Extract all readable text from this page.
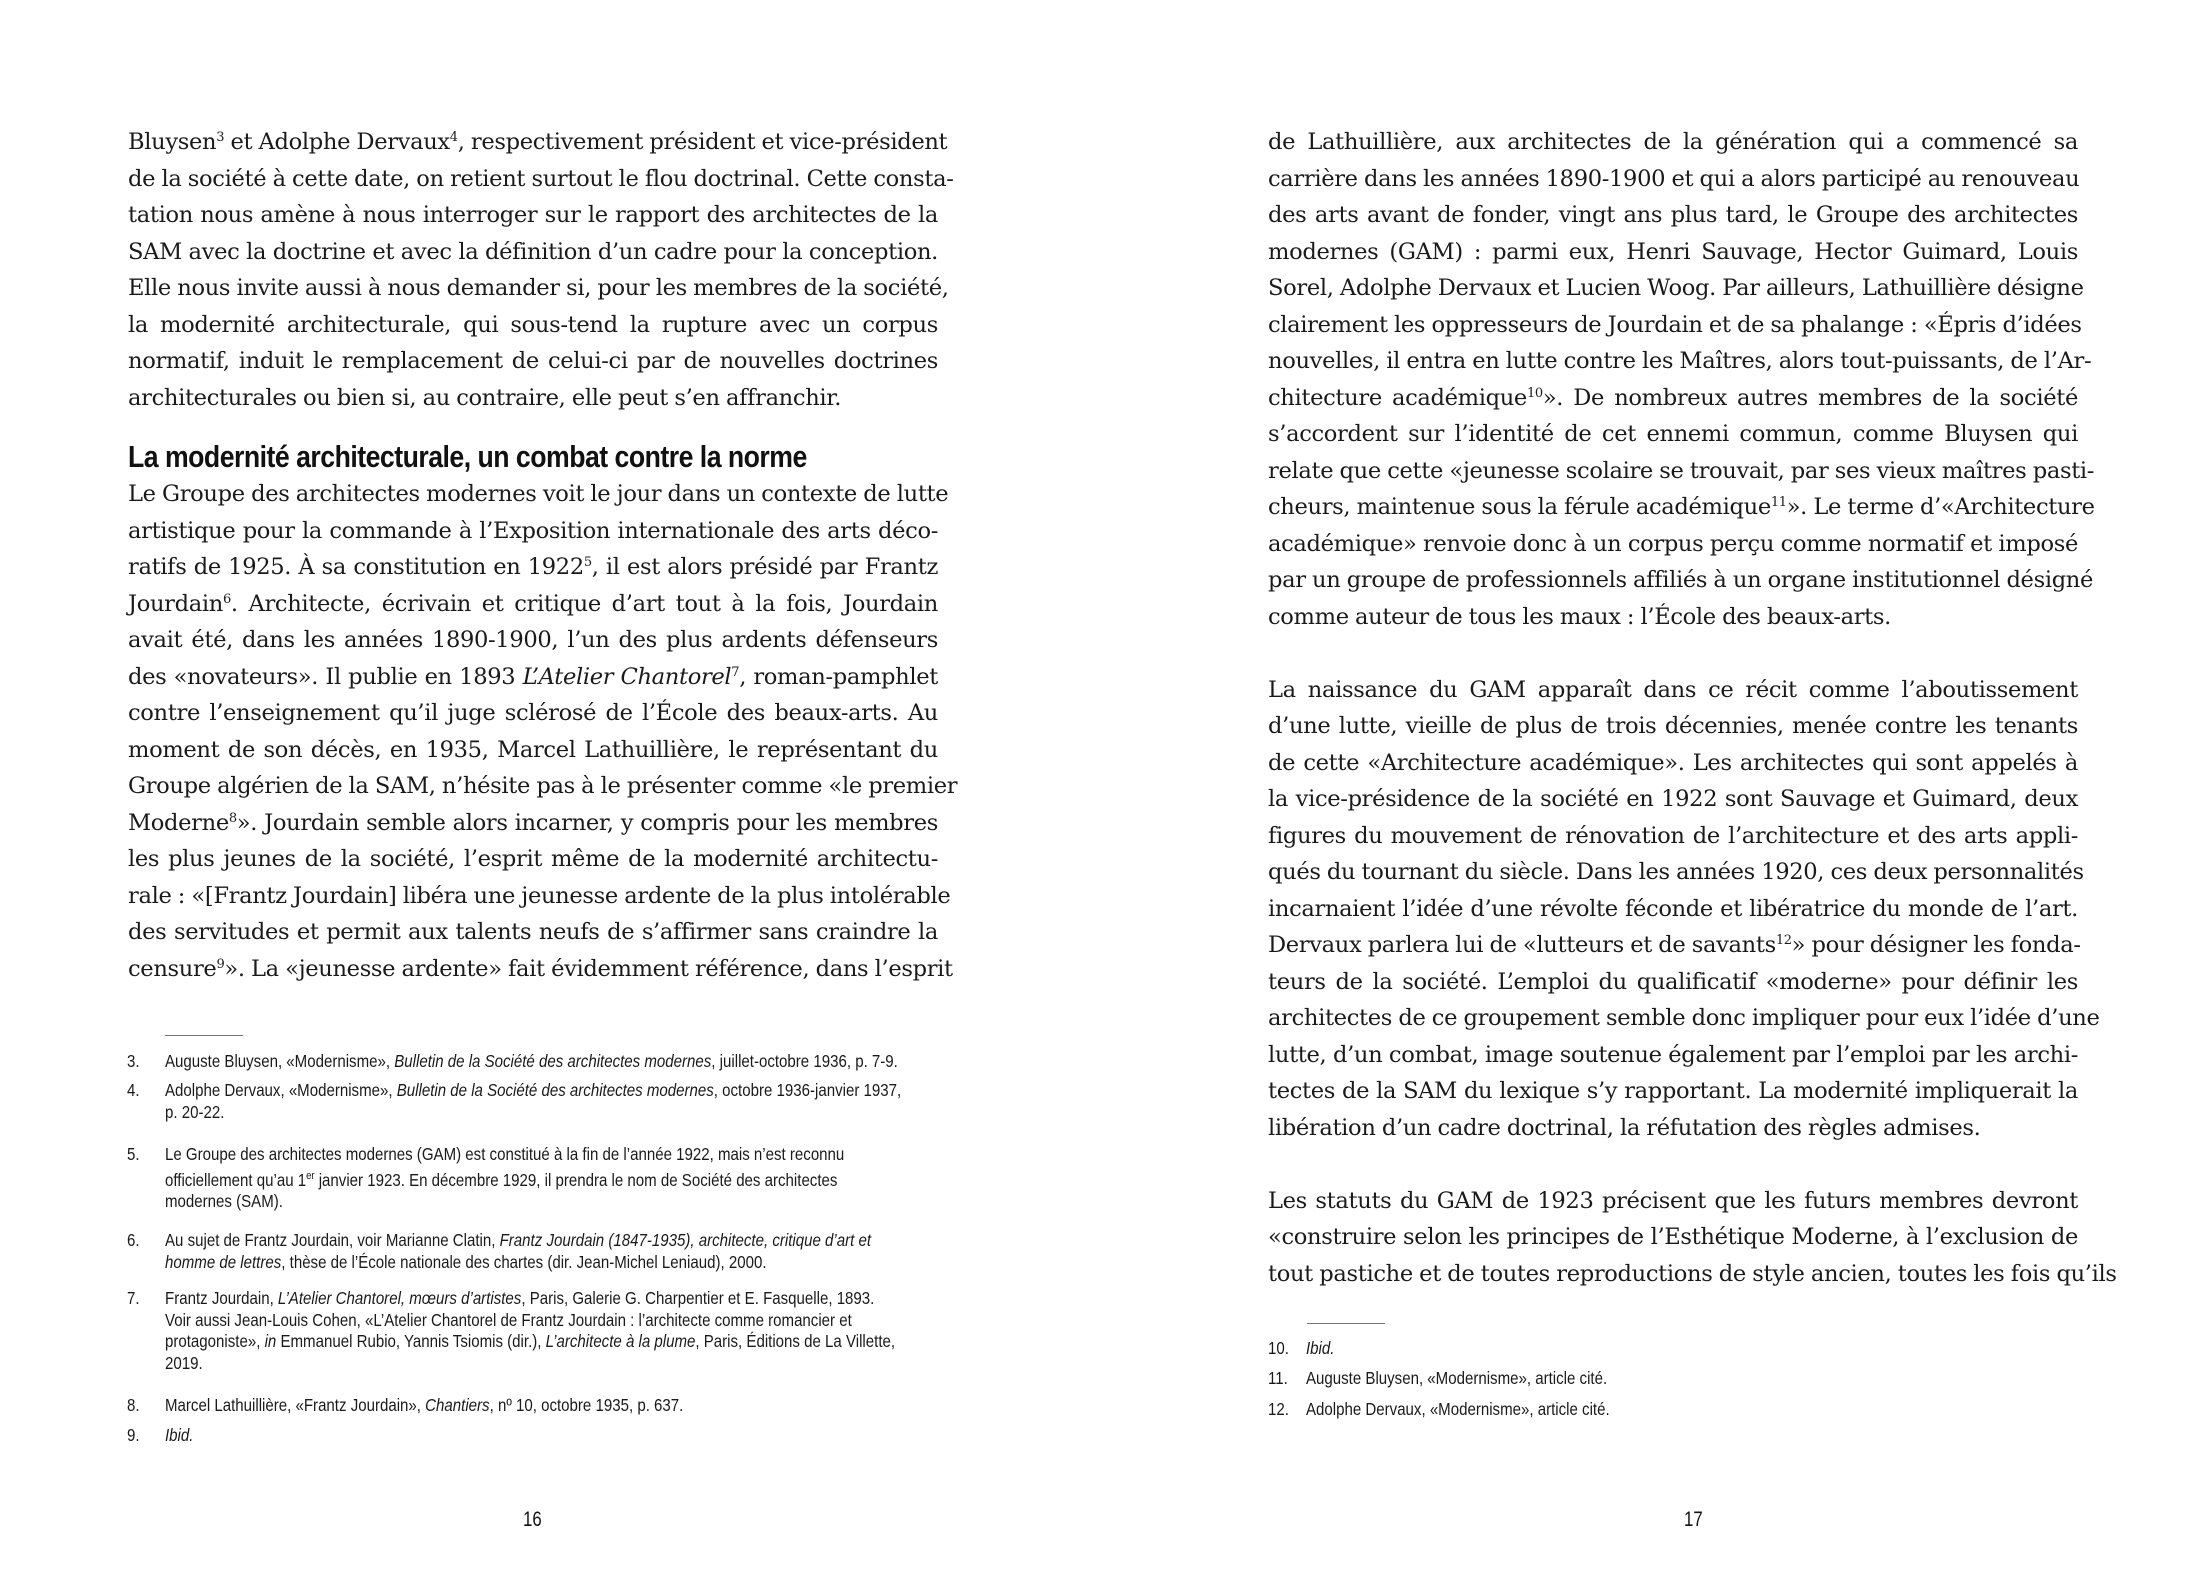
Bluysen$^3$ et Adolphe Dervaux$^4$, respectivement président et vice-président
de la société à cette date, on retient surtout le flou doctrinal. Cette consta-
tation nous amène à nous interroger sur le rapport des architectes de la
SAM avec la doctrine et avec la définition d’un cadre pour la conception.
Elle nous invite aussi à nous demander si, pour les membres de la société,
la modernité architecturale, qui sous-tend la rupture avec un corpus
normatif, induit le remplacement de celui-ci par de nouvelles doctrines
architecturales ou bien si, au contraire, elle peut s’en affranchir.
La modernité architecturale, un combat contre la norme
Le Groupe des architectes modernes voit le jour dans un contexte de lutte
artistique pour la commande à l’Exposition internationale des arts déco-
ratifs de 1925. À sa constitution en 1922$^5$, il est alors présidé par Frantz
Jourdain$^6$. Architecte, écrivain et critique d’art tout à la fois, Jourdain
avait été, dans les années 1890-1900, l’un des plus ardents défenseurs
des «novateurs». Il publie en 1893 L’Atelier Chantorel$^7$, roman-pamphlet
contre l’enseignement qu’il juge sclérosé de l’École des beaux-arts. Au
moment de son décès, en 1935, Marcel Lathuillière, le représentant du
Groupe algérien de la SAM, n’hésite pas à le présenter comme «le premier
Moderne$^8$». Jourdain semble alors incarner, y compris pour les membres
les plus jeunes de la société, l’esprit même de la modernité architectu-
rale : «[Frantz Jourdain] libéra une jeunesse ardente de la plus intolérable
des servitudes et permit aux talents neufs de s’affirmer sans craindre la
censure$^9$». La «jeunesse ardente» fait évidemment référence, dans l’esprit
3. Auguste Bluysen, «Modernisme», Bulletin de la Société des architectes modernes, juillet-octobre 1936, p. 7-9.
4. Adolphe Dervaux, «Modernisme», Bulletin de la Société des architectes modernes, octobre 1936-janvier 1937,
p. 20-22.
5. Le Groupe des architectes modernes (GAM) est constitué à la fin de l’année 1922, mais n’est reconnu
officiellement qu’au 1er janvier 1923. En décembre 1929, il prendra le nom de Société des architectes
modernes (SAM).
6. Au sujet de Frantz Jourdain, voir Marianne Clatin, Frantz Jourdain (1847-1935), architecte, critique d’art et
homme de lettres, thèse de l’École nationale des chartes (dir. Jean-Michel Leniaud), 2000.
7. Frantz Jourdain, L’Atelier Chantorel, mœurs d’artistes, Paris, Galerie G. Charpentier et E. Fasquelle, 1893.
Voir aussi Jean-Louis Cohen, «L’Atelier Chantorel de Frantz Jourdain : l’architecte comme romancier et
protagoniste», in Emmanuel Rubio, Yannis Tsiomis (dir.), L’architecte à la plume, Paris, Éditions de La Villette,
2019.
8. Marcel Lathuillière, «Frantz Jourdain», Chantiers, nº 10, octobre 1935, p. 637.
9. Ibid.
16
de Lathuillière, aux architectes de la génération qui a commencé sa
carrière dans les années 1890-1900 et qui a alors participé au renouveau
des arts avant de fonder, vingt ans plus tard, le Groupe des architectes
modernes (GAM) : parmi eux, Henri Sauvage, Hector Guimard, Louis
Sorel, Adolphe Dervaux et Lucien Woog. Par ailleurs, Lathuillière désigne
clairement les oppresseurs de Jourdain et de sa phalange : «Épris d’idées
nouvelles, il entra en lutte contre les Maîtres, alors tout-puissants, de l’Ar-
chitecture académique$^{10}$». De nombreux autres membres de la société
s’accordent sur l’identité de cet ennemi commun, comme Bluysen qui
relate que cette «jeunesse scolaire se trouvait, par ses vieux maîtres pasti-
cheurs, maintenue sous la férule académique$^{11}$». Le terme d’«Architecture
académique» renvoie donc à un corpus perçu comme normatif et imposé
par un groupe de professionnels affiliés à un organe institutionnel désigné
comme auteur de tous les maux : l’École des beaux-arts.
La naissance du GAM apparaît dans ce récit comme l’aboutissement
d’une lutte, vieille de plus de trois décennies, menée contre les tenants
de cette «Architecture académique». Les architectes qui sont appelés à
la vice-présidence de la société en 1922 sont Sauvage et Guimard, deux
figures du mouvement de rénovation de l’architecture et des arts appli-
qués du tournant du siècle. Dans les années 1920, ces deux personnalités
incarnaient l’idée d’une révolte féconde et libératrice du monde de l’art.
Dervaux parlera lui de «lutteurs et de savants$^{12}$» pour désigner les fonda-
teurs de la société. L’emploi du qualificatif «moderne» pour définir les
architectes de ce groupement semble donc impliquer pour eux l’idée d’une
lutte, d’un combat, image soutenue également par l’emploi par les archi-
tectes de la SAM du lexique s’y rapportant. La modernité impliquerait la
libération d’un cadre doctrinal, la réfutation des règles admises.
Les statuts du GAM de 1923 précisent que les futurs membres devront
«construire selon les principes de l’Esthétique Moderne, à l’exclusion de
tout pastiche et de toutes reproductions de style ancien, toutes les fois qu’ils
10. Ibid.
11. Auguste Bluysen, «Modernisme», article cité.
12. Adolphe Dervaux, «Modernisme», article cité.
17
